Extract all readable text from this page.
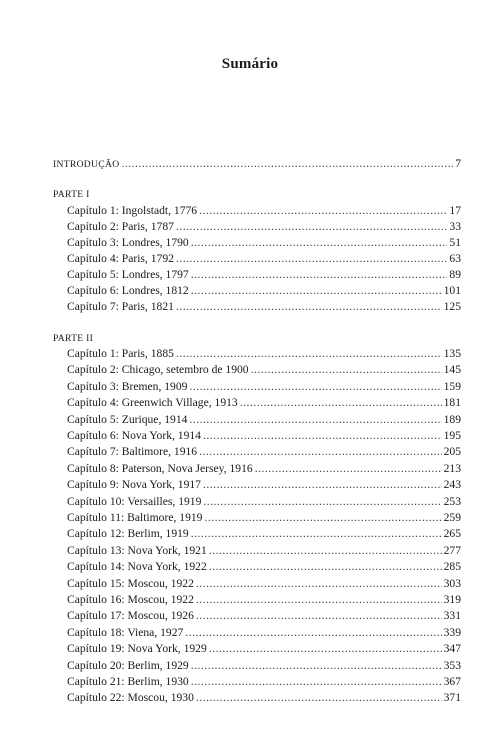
Sumário
INTRODUÇÃO .....	7
PARTE I
Capítulo 1: Ingolstadt, 1776 .....	17
Capítulo 2: Paris, 1787 .....	33
Capítulo 3: Londres, 1790 .....	51
Capítulo 4: Paris, 1792 .....	63
Capítulo 5: Londres, 1797 .....	89
Capítulo 6: Londres, 1812 .....	101
Capítulo 7: Paris, 1821 .....	125
PARTE II
Capítulo 1: Paris, 1885 .....	135
Capítulo 2: Chicago, setembro de 1900 .....	145
Capítulo 3: Bremen, 1909 .....	159
Capítulo 4: Greenwich Village, 1913 .....	181
Capítulo 5: Zurique, 1914 .....	189
Capítulo 6: Nova York, 1914 .....	195
Capítulo 7: Baltimore, 1916 .....	205
Capítulo 8: Paterson, Nova Jersey, 1916 .....	213
Capítulo 9: Nova York, 1917 .....	243
Capítulo 10: Versailles, 1919 .....	253
Capítulo 11: Baltimore, 1919 .....	259
Capítulo 12: Berlim, 1919 .....	265
Capítulo 13: Nova York, 1921 .....	277
Capítulo 14: Nova York, 1922 .....	285
Capítulo 15: Moscou, 1922 .....	303
Capítulo 16: Moscou, 1922 .....	319
Capítulo 17: Moscou, 1926 .....	331
Capítulo 18: Viena, 1927 .....	339
Capítulo 19: Nova York, 1929 .....	347
Capítulo 20: Berlim, 1929 .....	353
Capítulo 21: Berlim, 1930 .....	367
Capítulo 22: Moscou, 1930 .....	371
